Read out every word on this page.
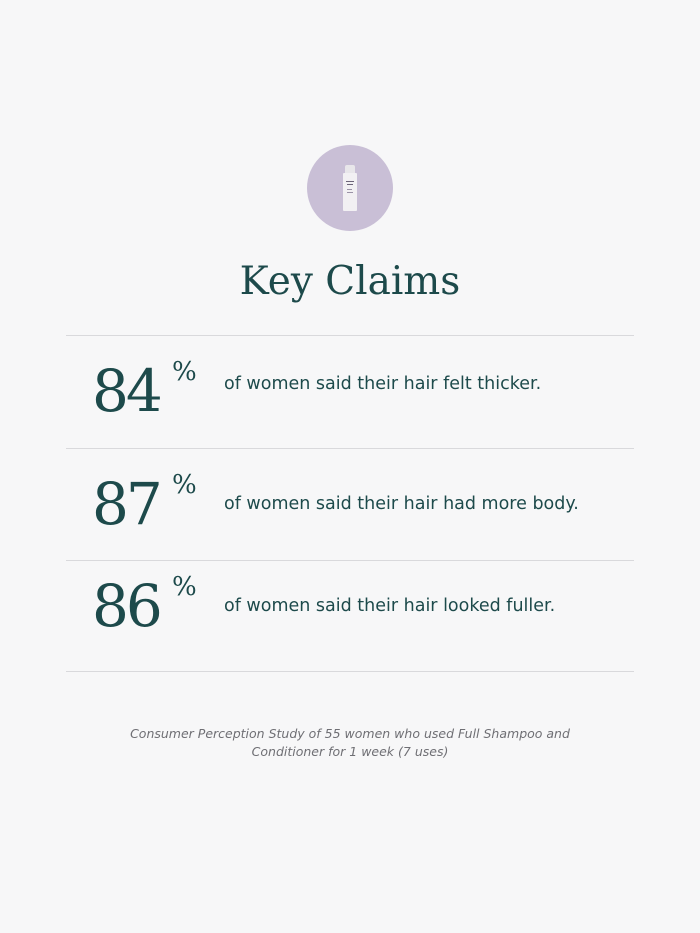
Key Claims
84 % of women said their hair felt thicker.
87 %
of women said their hair had more body.
86 %
of women said their hair looked fuller.
Consumer Perception Study of 55 women who used Full Shampoo and
Conditioner for 1 week (7 uses)
